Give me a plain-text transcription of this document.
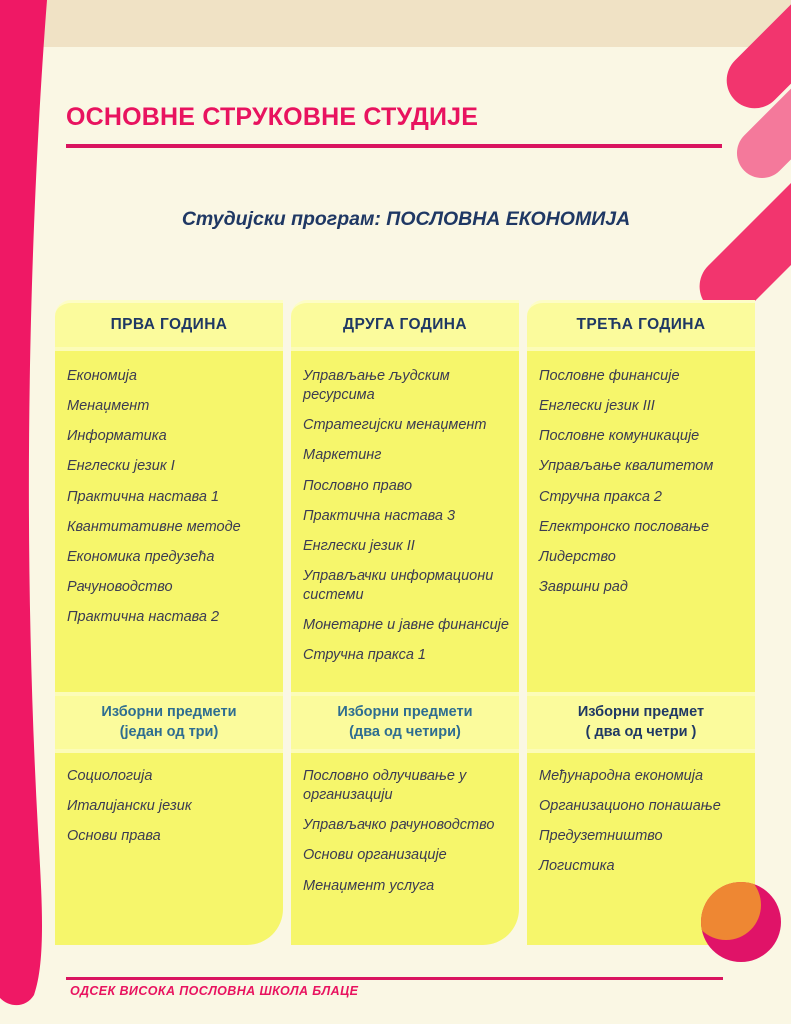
ОСНОВНЕ СТРУКОВНЕ СТУДИЈЕ
Студијски програм: ПОСЛОВНА ЕКОНОМИЈА
ПРВА ГОДИНА
Економија
Менаџмент
Информатика
Енглески језик I
Практична настава 1
Квантитативне методе
Економика предузећа
Рачуноводство
Практична настава 2
Изборни предмети
(један од три)
Социологија
Италијански језик
Основи права
ДРУГА ГОДИНА
Управљање људским ресурсима
Стратегијски менаџмент
Маркетинг
Пословно право
Практична настава 3
Енглески језик II
Управљачки информациони системи
Монетарне и јавне финансије
Стручна пракса 1
Изборни предмети
(два од четири)
Пословно одлучивање у организацији
Управљачко рачуноводство
Основи организације
Менаџмент услуга
ТРЕЋА ГОДИНА
Пословне финансије
Енглески језик III
Пословне комуникације
Управљање квалитетом
Стручна пракса 2
Електронско пословање
Лидерство
Завршни рад
Изборни предмет
( два од четри )
Међународна економија
Организационо понашање
Предузетништво
Логистика
ОДСЕК ВИСОКА ПОСЛОВНА ШКОЛА БЛАЦЕ
